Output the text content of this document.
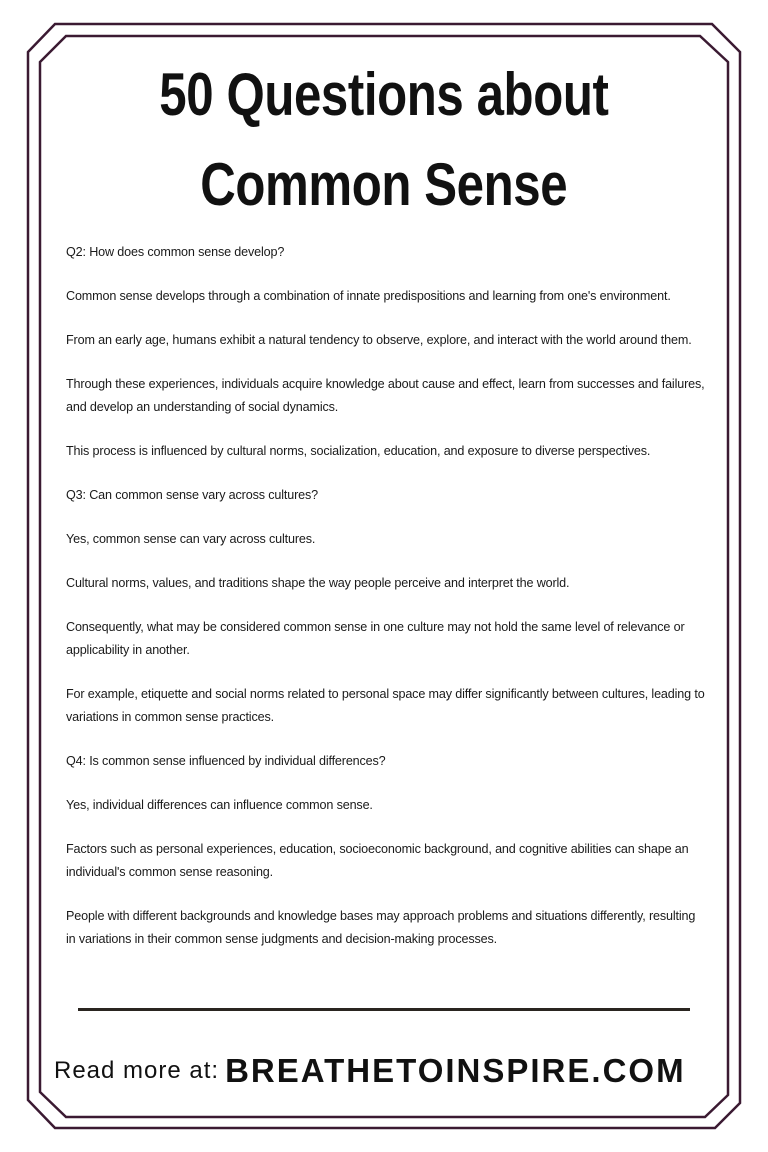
50 Questions about
Common Sense

Q2: How does common sense develop?

Common sense develops through a combination of innate predispositions and learning from one's environment.

From an early age, humans exhibit a natural tendency to observe, explore, and interact with the world around them.

Through these experiences, individuals acquire knowledge about cause and effect, learn from successes and failures, and develop an understanding of social dynamics.

This process is influenced by cultural norms, socialization, education, and exposure to diverse perspectives.

Q3: Can common sense vary across cultures?

Yes, common sense can vary across cultures.

Cultural norms, values, and traditions shape the way people perceive and interpret the world.

Consequently, what may be considered common sense in one culture may not hold the same level of relevance or applicability in another.

For example, etiquette and social norms related to personal space may differ significantly between cultures, leading to variations in common sense practices.

Q4: Is common sense influenced by individual differences?

Yes, individual differences can influence common sense.

Factors such as personal experiences, education, socioeconomic background, and cognitive abilities can shape an individual's common sense reasoning.

People with different backgrounds and knowledge bases may approach problems and situations differently, resulting in variations in their common sense judgments and decision-making processes.

Read more at: BREATHETOINSPIRE.COM
